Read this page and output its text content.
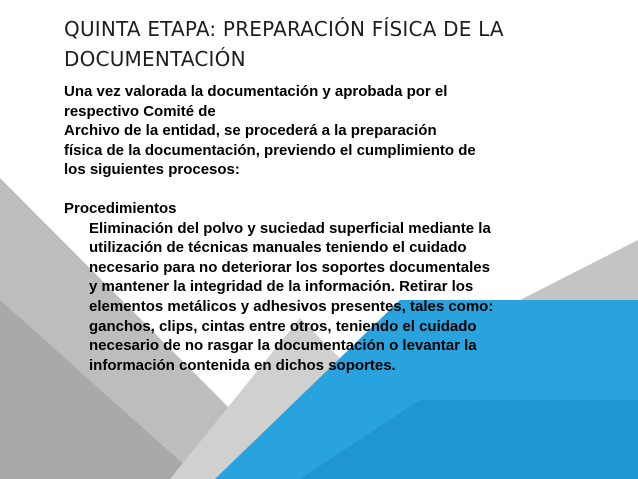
QUINTA ETAPA: PREPARACIÓN FÍSICA DE LA DOCUMENTACIÓN

Una vez valorada la documentación y aprobada por el
respectivo Comité de
Archivo de la entidad, se procederá a la preparación
física de la documentación, previendo el cumplimiento de
los siguientes procesos:

Procedimientos

Eliminación del polvo y suciedad superficial mediante la
utilización de técnicas manuales teniendo el cuidado
necesario para no deteriorar los soportes documentales
y mantener la integridad de la información. Retirar los
elementos metálicos y adhesivos presentes, tales como:
ganchos, clips, cintas entre otros, teniendo el cuidado
necesario de no rasgar la documentación o levantar la
información contenida en dichos soportes.
